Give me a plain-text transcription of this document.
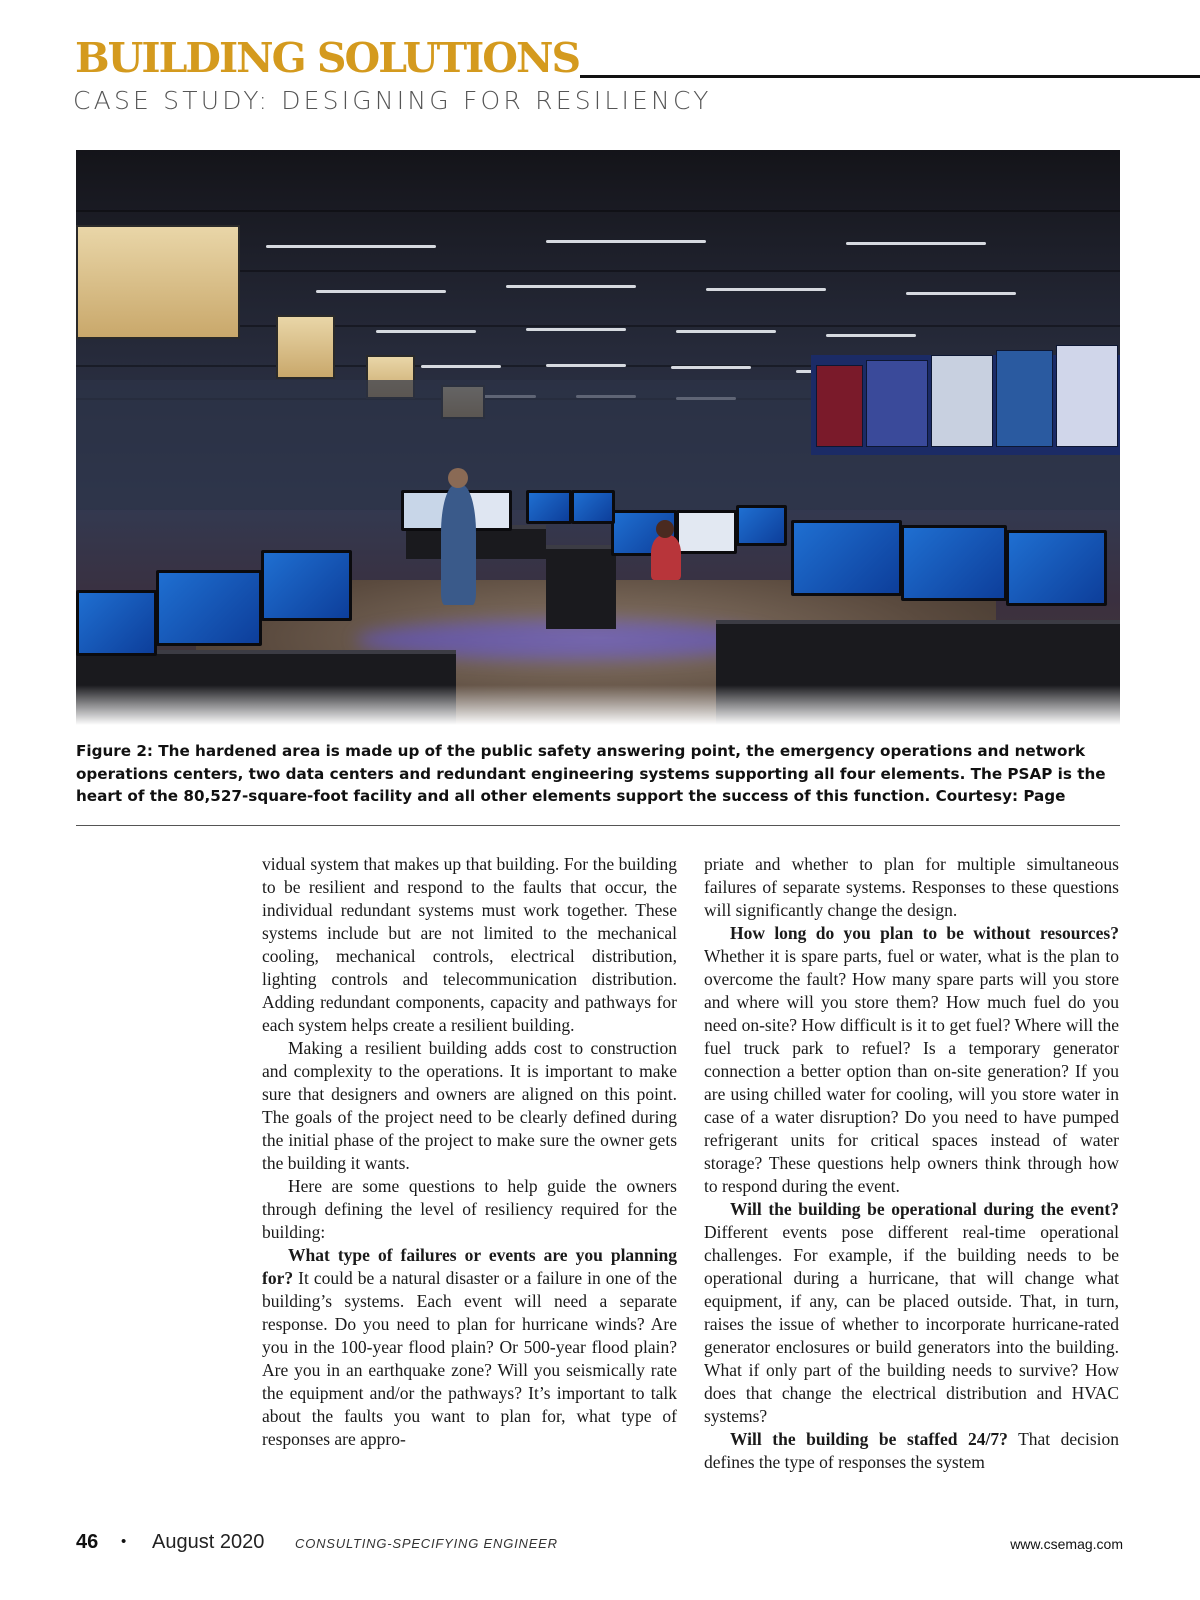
BUILDING SOLUTIONS
CASE STUDY: DESIGNING FOR RESILIENCY
Figure 2: The hardened area is made up of the public safety answering point, the emergency operations and network operations centers, two data centers and redundant engineering systems supporting all four elements. The PSAP is the heart of the 80,527-square-foot facility and all other elements support the success of this function. Courtesy: Page

vidual system that makes up that building. For the building to be resilient and respond to the faults that occur, the individual redundant systems must work together. These systems include but are not limited to the mechanical cooling, mechanical controls, electrical distribution, lighting controls and telecommunication distribution. Adding redundant components, capacity and pathways for each system helps create a resilient building.

Making a resilient building adds cost to construction and complexity to the operations. It is important to make sure that designers and owners are aligned on this point. The goals of the project need to be clearly defined during the initial phase of the project to make sure the owner gets the building it wants.

Here are some questions to help guide the owners through defining the level of resiliency required for the building:

What type of failures or events are you planning for? It could be a natural disaster or a failure in one of the building’s systems. Each event will need a separate response. Do you need to plan for hurricane winds? Are you in the 100-year flood plain? Or 500-year flood plain? Are you in an earthquake zone? Will you seismically rate the equipment and/or the pathways? It’s important to talk about the faults you want to plan for, what type of responses are appro-

priate and whether to plan for multiple simultaneous failures of separate systems. Responses to these questions will significantly change the design.

How long do you plan to be without resources? Whether it is spare parts, fuel or water, what is the plan to overcome the fault? How many spare parts will you store and where will you store them? How much fuel do you need on-site? How difficult is it to get fuel? Where will the fuel truck park to refuel? Is a temporary generator connection a better option than on-site generation? If you are using chilled water for cooling, will you store water in case of a water disruption? Do you need to have pumped refrigerant units for critical spaces instead of water storage? These questions help owners think through how to respond during the event.

Will the building be operational during the event? Different events pose different real-time operational challenges. For example, if the building needs to be operational during a hurricane, that will change what equipment, if any, can be placed outside. That, in turn, raises the issue of whether to incorporate hurricane-rated generator enclosures or build generators into the building. What if only part of the building needs to survive? How does that change the electrical distribution and HVAC systems?

Will the building be staffed 24/7? That decision defines the type of responses the system

46 • August 2020 CONSULTING-SPECIFYING ENGINEER	www.csemag.com
